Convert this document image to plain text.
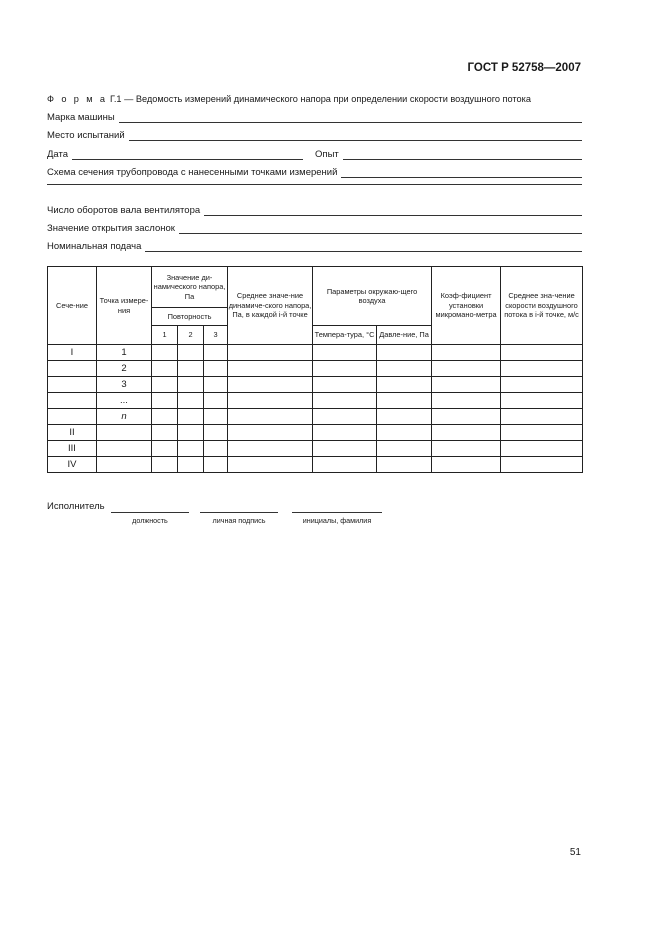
ГОСТ Р 52758—2007
Ф о р м а Г.1 — Ведомость измерений динамического напора при определении скорости воздушного потока
Марка машины
Место испытаний
Дата	Опыт
Схема сечения трубопровода с нанесенными точками измерений
Число оборотов вала вентилятора
Значение открытия заслонок
Номинальная подача
Сече-ние	Точка измере-ния	Значение ди-намического напора, Па			Среднее значе-ние динамиче-ского напора, Па, в каждой i-й точке	Параметры окружаю-щего воздуха		Коэф-фициент установки микромано-метра	Среднее зна-чение скорости воздушного потока в i-й точке, м/с
		Повторность							
		1	2	3		Темпера-тура, °С	Давле-ние, Па		
I	1								
	2								
	3								
	...								
	n								
II									
III									
IV									
Исполнитель
должность	личная подпись	инициалы, фамилия
51
